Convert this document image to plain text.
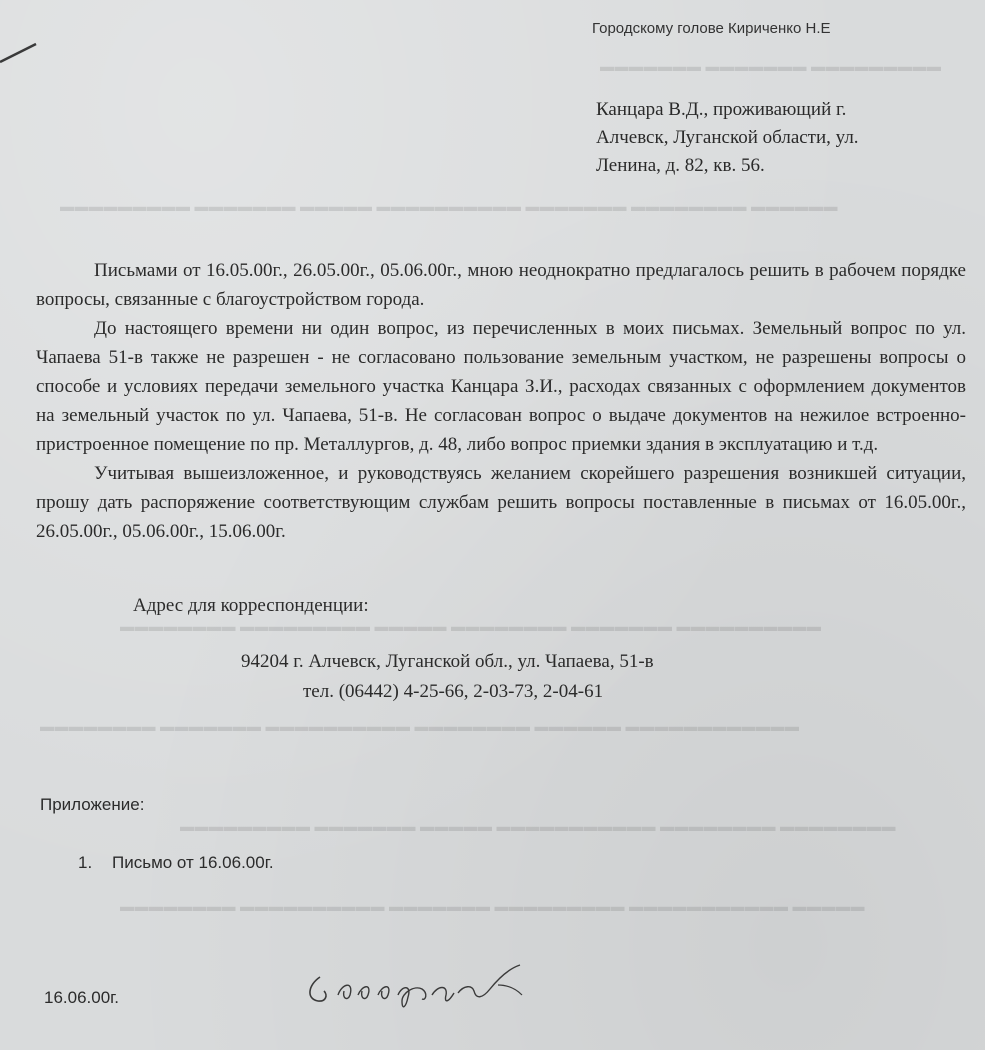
▬▬▬▬▬▬▬ ▬▬▬▬▬▬▬ ▬▬▬▬▬▬▬▬▬
▬▬▬▬▬▬▬▬▬ ▬▬▬▬▬▬▬ ▬▬▬▬▬ ▬▬▬▬▬▬▬▬▬▬ ▬▬▬▬▬▬▬ ▬▬▬▬▬▬▬▬ ▬▬▬▬▬▬
▬▬▬▬▬▬▬▬ ▬▬▬▬▬▬▬▬▬ ▬▬▬▬▬ ▬▬▬▬▬▬▬▬ ▬▬▬▬▬▬▬ ▬▬▬▬▬▬▬▬▬▬
▬▬▬▬▬▬▬▬ ▬▬▬▬▬▬▬ ▬▬▬▬▬▬▬▬▬▬ ▬▬▬▬▬▬▬▬ ▬▬▬▬▬▬ ▬▬▬▬▬▬▬▬▬▬▬▬
▬▬▬▬▬▬▬▬▬ ▬▬▬▬▬▬▬ ▬▬▬▬▬ ▬▬▬▬▬▬▬▬▬▬▬ ▬▬▬▬▬▬▬▬ ▬▬▬▬▬▬▬▬
▬▬▬▬▬▬▬▬ ▬▬▬▬▬▬▬▬▬▬ ▬▬▬▬▬▬▬ ▬▬▬▬▬▬▬▬▬ ▬▬▬▬▬▬▬▬▬▬▬ ▬▬▬▬▬
Городскому голове Кириченко Н.Е
Канцара В.Д., проживающий г.
Алчевск, Луганской области, ул.
Ленина, д. 82, кв. 56.

Письмами от 16.05.00г., 26.05.00г., 05.06.00г., мною неоднократно предлагалось решить в рабочем порядке вопросы, связанные с благоустройством города.

До настоящего времени ни один вопрос, из перечисленных в моих письмах. Земельный вопрос по ул. Чапаева 51-в также не разрешен - не согласовано пользование земельным участком, не разрешены вопросы о способе и условиях передачи земельного участка Канцара З.И., расходах связанных с оформлением документов на земельный участок по ул. Чапаева, 51-в. Не согласован вопрос о выдаче документов на нежилое встроенно-пристроенное помещение по пр. Металлургов, д. 48, либо вопрос приемки здания в эксплуатацию и т.д.

Учитывая вышеизложенное, и руководствуясь желанием скорейшего разрешения возникшей ситуации, прошу дать распоряжение соответствующим службам решить вопросы поставленные в письмах от 16.05.00г., 26.05.00г., 05.06.00г., 15.06.00г.

Адрес для корреспонденции:
94204 г. Алчевск, Луганской обл., ул. Чапаева, 51-в
тел. (06442) 4-25-66, 2-03-73, 2-04-61
Приложение:
1. Письмо от 16.06.00г.
16.06.00г.
